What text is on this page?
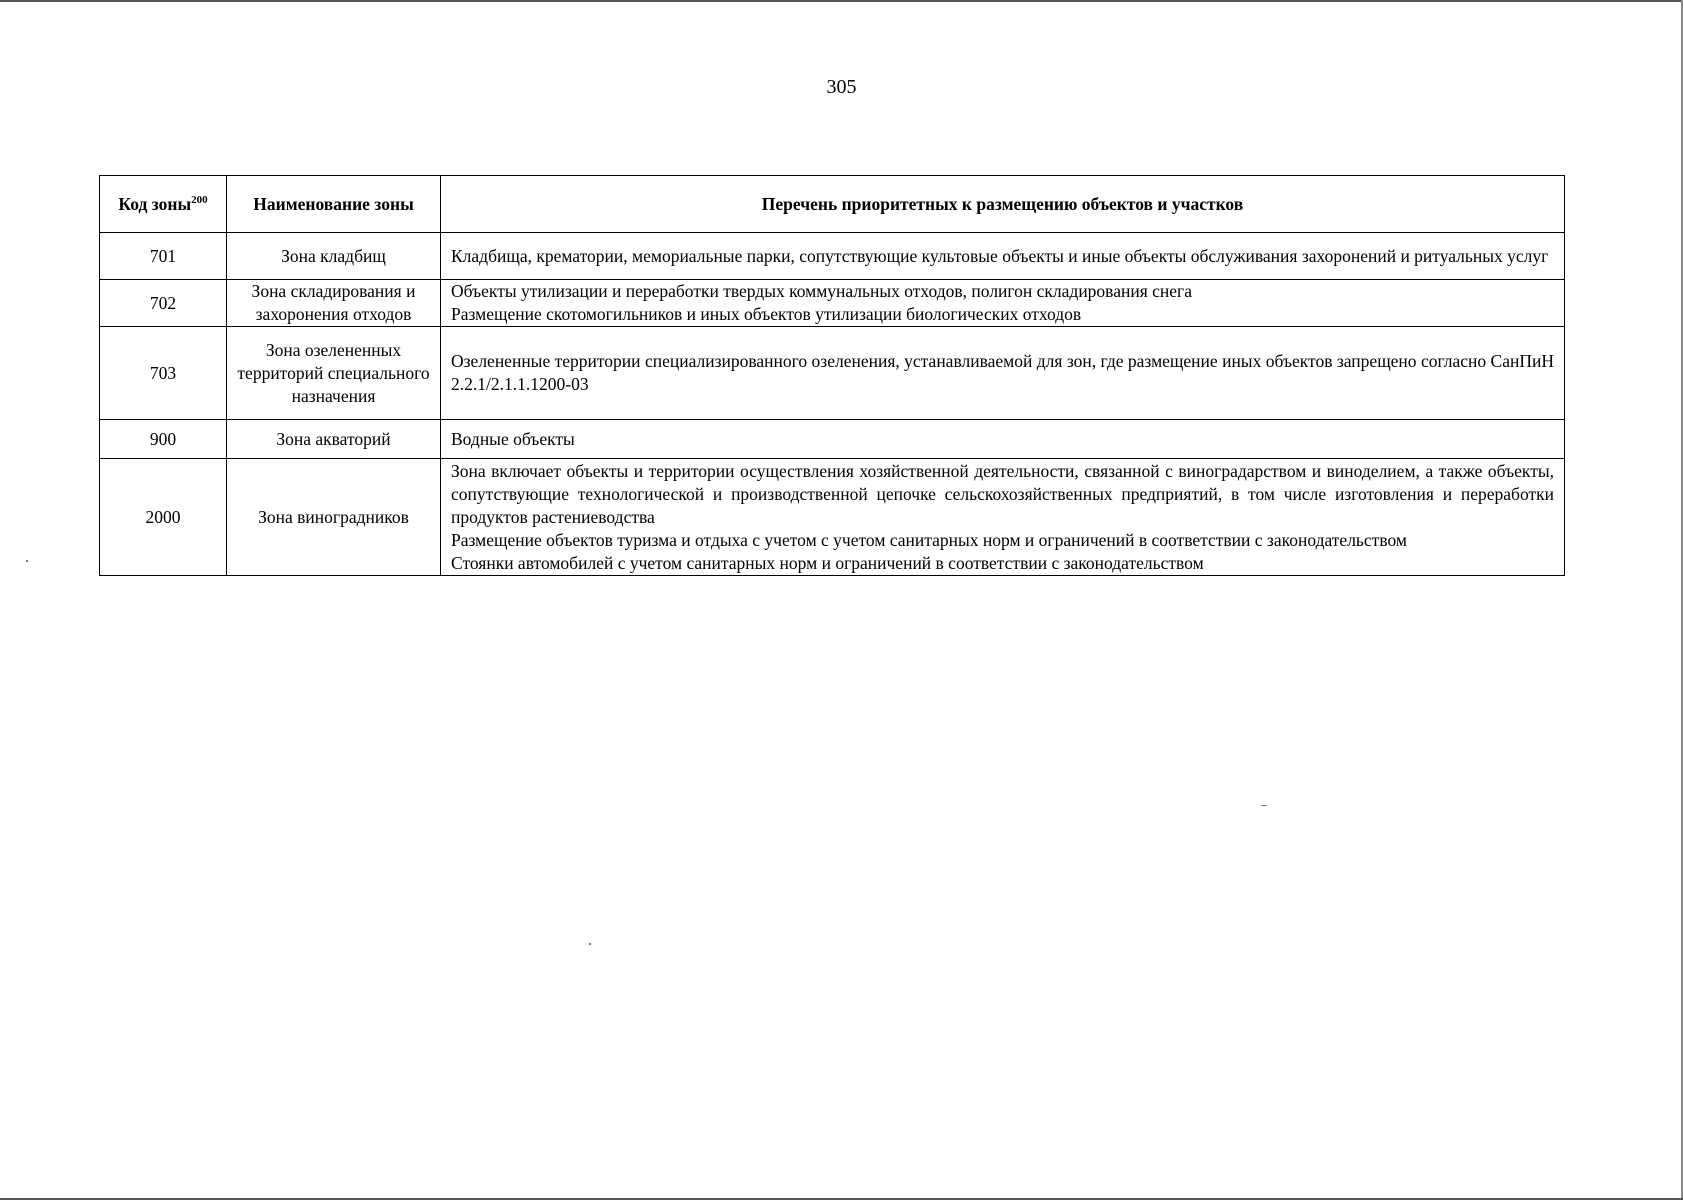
305
Код зоны$^{200}$	Наименование зоны	Перечень приоритетных к размещению объектов и участков
701	Зона кладбищ	Кладбища, крематории, мемориальные парки, сопутствующие культовые объекты и иные объекты обслуживания захоронений и ритуальных услуг

702	Зона складирования и захоронения отходов	Объекты утилизации и переработки твердых коммунальных отходов, полигон складирования снега
Размещение скотомогильников и иных объектов утилизации биологических отходов

703	Зона озелененных территорий специального назначения	Озелененные территории специализированного озеленения, устанавливаемой для зон, где размещение иных объектов запрещено согласно СанПиН 2.2.1/2.1.1.1200-03

900	Зона акваторий	Водные объекты

2000	Зона виноградников	Зона включает объекты и территории осуществления хозяйственной деятельности, связанной с виноградарством и виноделием, а также объекты, сопутствующие технологической и производственной цепочке сельскохозяйственных предприятий, в том числе изготовления и переработки продуктов растениеводства
Размещение объектов туризма и отдыха с учетом с учетом санитарных норм и ограничений в соответствии с законодательством
Стоянки автомобилей с учетом санитарных норм и ограничений в соответствии с законодательством
